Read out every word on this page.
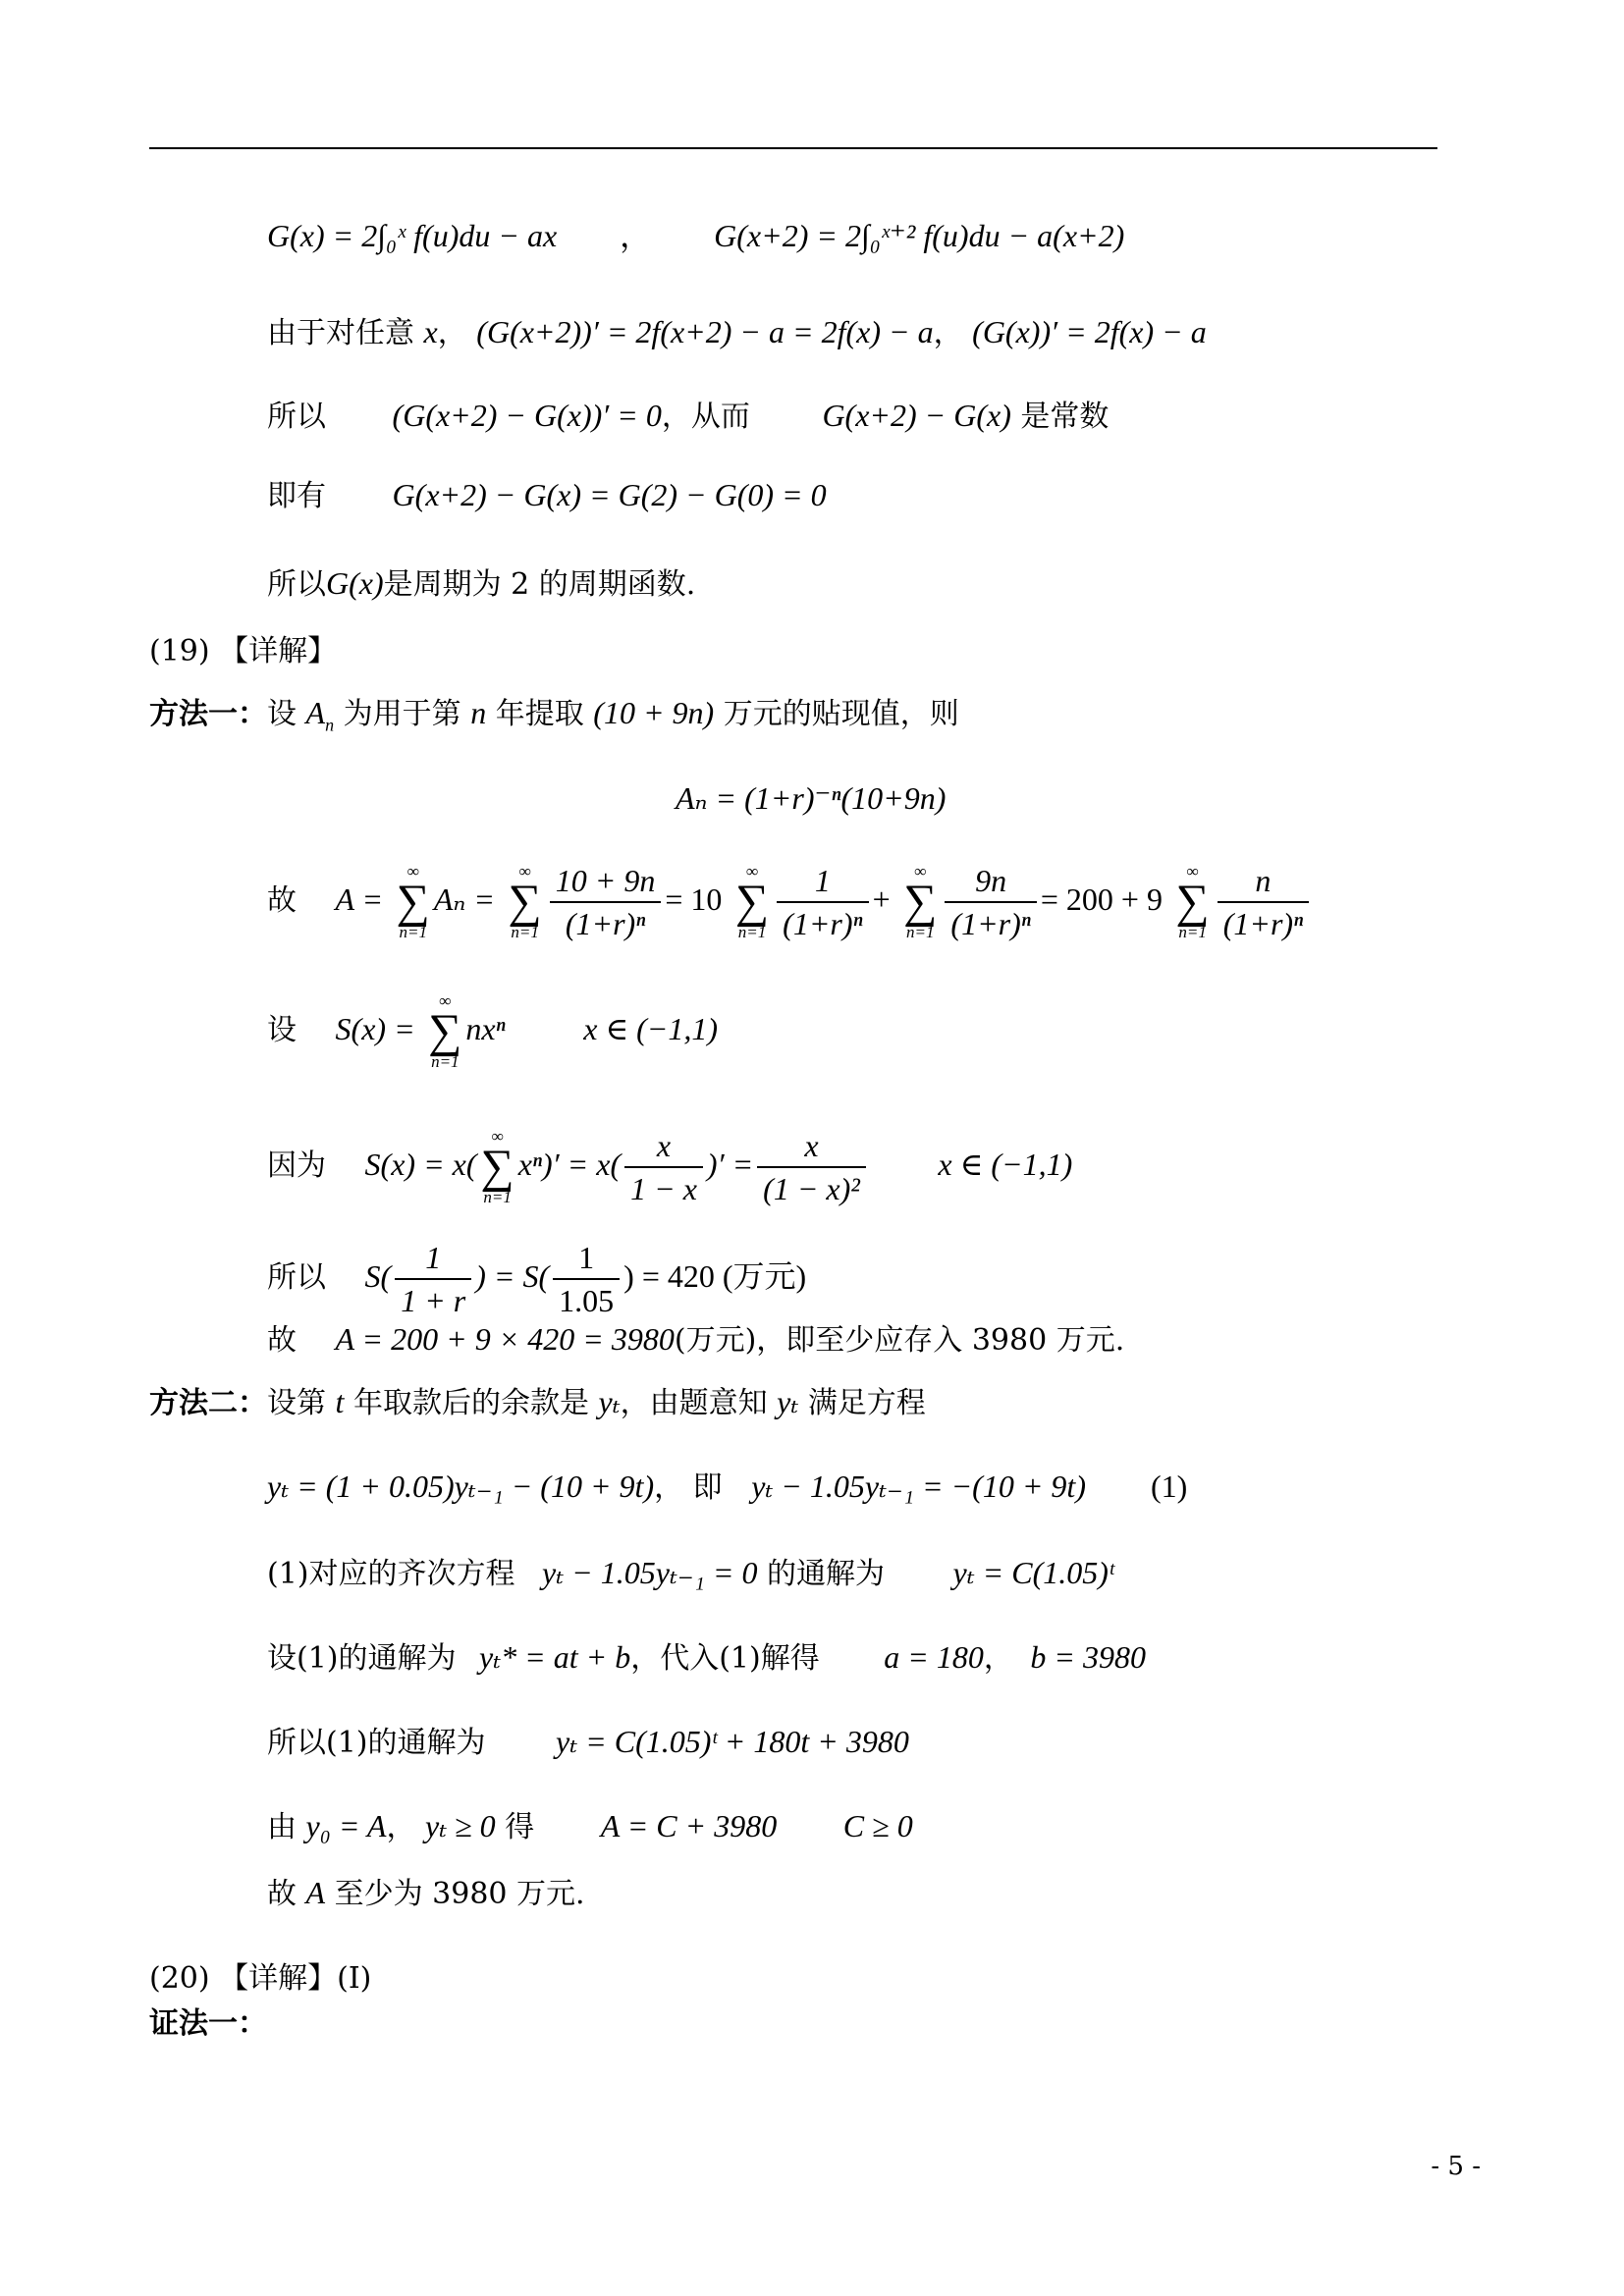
G(x) = 2∫₀ˣ f(u)du − ax ， G(x+2) = 2∫₀ˣ⁺² f(u)du − a(x+2)
由于对任意 x， (G(x+2))′ = 2f(x+2) − a = 2f(x) − a， (G(x))′ = 2f(x) − a
所以 (G(x+2) − G(x))′ = 0，从而 G(x+2) − G(x) 是常数
即有 G(x+2) − G(x) = G(2) − G(0) = 0
所以G(x)是周期为 2 的周期函数.
(19) 【详解】
方法一：设 $A_n$ 为用于第 n 年提取 (10 + 9n) 万元的贴现值，则
Aₙ = (1+r)⁻ⁿ(10+9n)
故 A =
∞
∑
n=1
Aₙ =
∞
∑
$n=1 \frac{10 + 9n}{\text{(1+r)ⁿ}} = 10$
∞
∑
$n=1 \frac{1}{\text{(1+r)ⁿ}}$ +
∞
∑
$n=1 \frac{9n}{\text{(1+r)ⁿ}} = 200 + 9$
∞
∑
$n=1 \frac{n}{\text{(1+r)ⁿ}}$
设 S(x) =
∞
∑
n=1
nxⁿ x ∈ (−1,1)
因为 S(x) = x(
∞
∑
n=1
$x^n)' = x( \frac{x}{1 - x}$ )′ = $\frac{x}{\text{(1 − x)²}}$ x ∈ (−1,1)
所以 $S( \frac{1}{1 + r}$ ) = $S( \frac{1}{1.05}$ ) = 420 (万元)
故 A = 200 + 9 × 420 = 3980(万元)，即至少应存入 3980 万元.
方法二：设第 t 年取款后的余款是 yₜ，由题意知 yₜ 满足方程
yₜ = (1 + 0.05)yₜ₋₁ − (10 + 9t)， 即 yₜ − 1.05yₜ₋₁ = −(10 + 9t) (1)
(1)对应的齐次方程 yₜ − 1.05yₜ₋₁ = 0 的通解为 yₜ = C(1.05)ᵗ
设(1)的通解为 yₜ* = at + b，代入(1)解得 a = 180， b = 3980
所以(1)的通解为 yₜ = C(1.05)ᵗ + 180t + 3980
由 y₀ = A， yₜ ≥ 0 得 A = C + 3980 C ≥ 0
故 A 至少为 3980 万元.
(20) 【详解】(I)
证法一：
- 5 -
